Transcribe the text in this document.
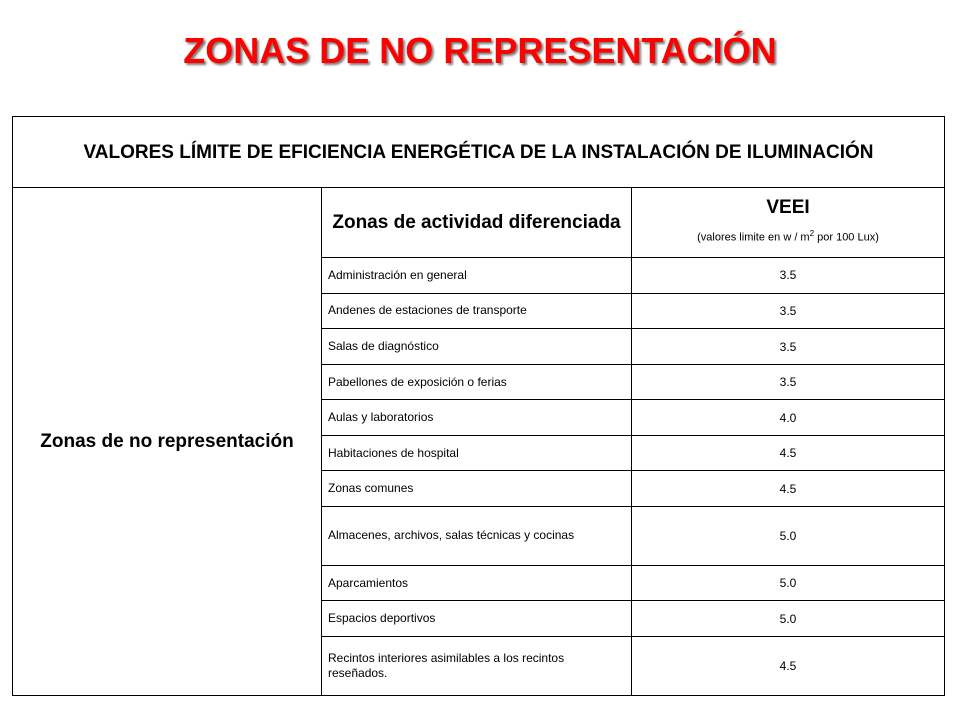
ZONAS DE NO REPRESENTACIÓN
VALORES LÍMITE DE EFICIENCIA ENERGÉTICA DE LA INSTALACIÓN DE ILUMINACIÓN		
Zonas de no representación	Zonas de actividad diferenciada	VEEI
(valores limite en w / $m^2$ por 100 Lux)

	Administración en general	3.5
	Andenes de estaciones de transporte	3.5
	Salas de diagnóstico	3.5
	Pabellones de exposición o ferias	3.5
	Aulas y laboratorios	4.0
	Habitaciones de hospital	4.5
	Zonas comunes	4.5
	Almacenes, archivos, salas técnicas y cocinas	5.0
	Aparcamientos	5.0
	Espacios deportivos	5.0
	Recintos interiores asimilables a los recintos reseñados.	4.5
